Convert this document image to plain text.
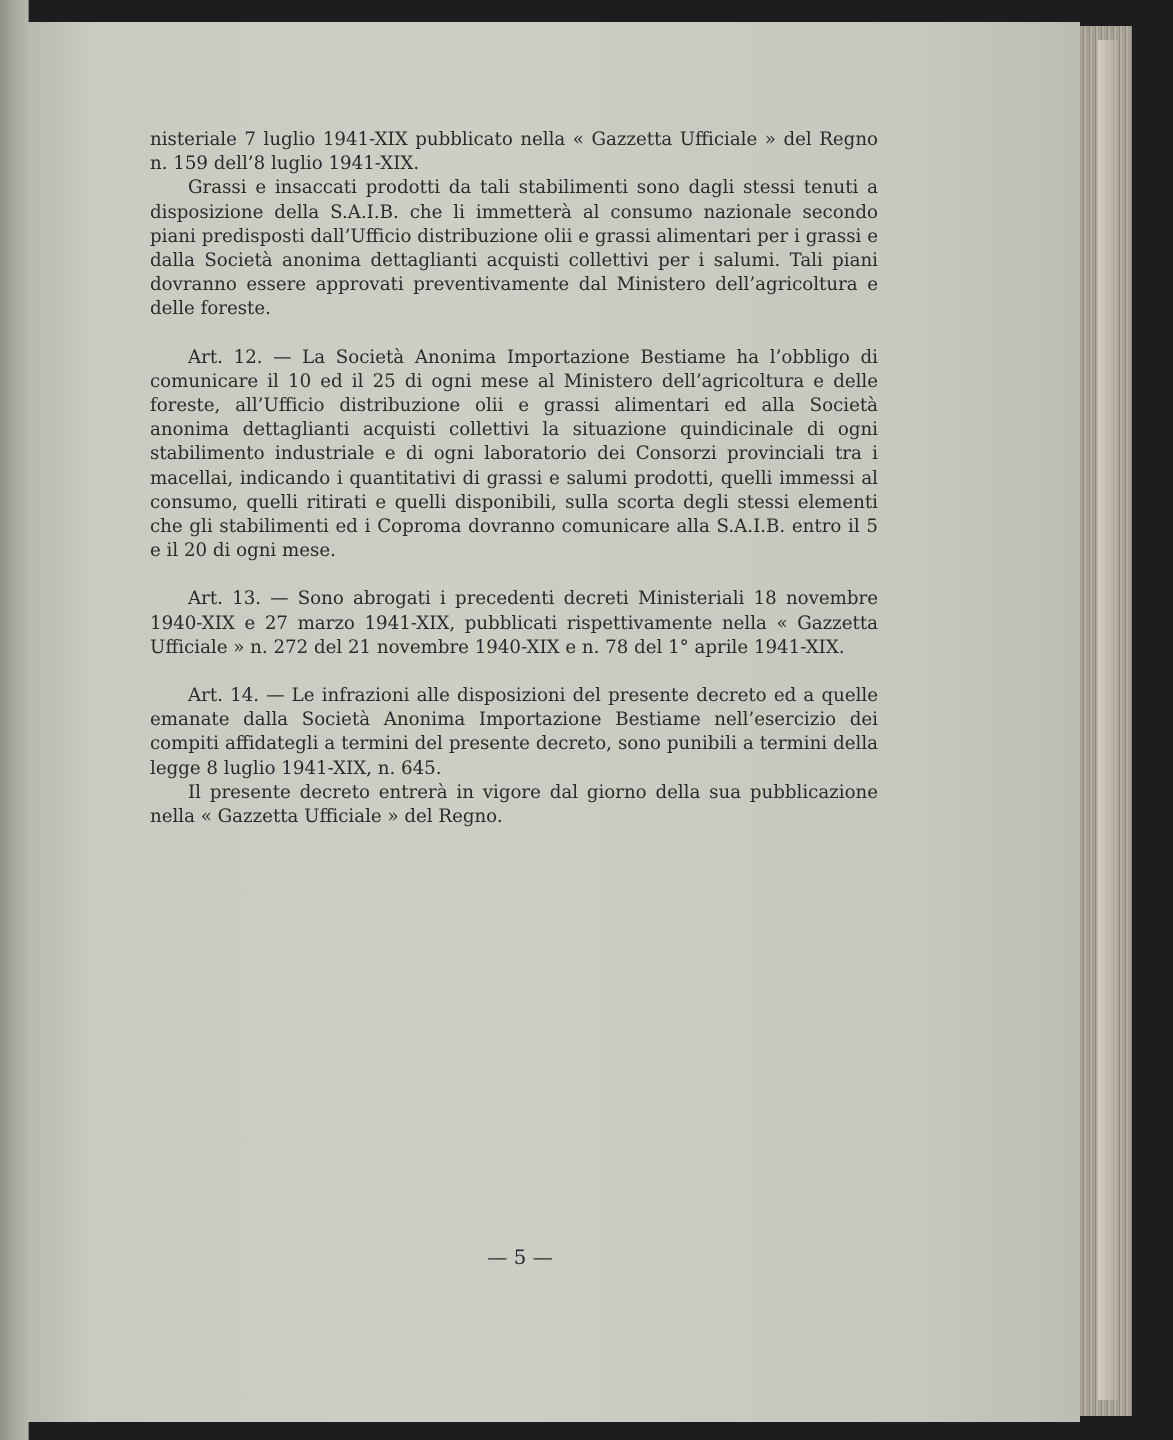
nisteriale 7 luglio 1941-XIX pubblicato nella « Gazzetta Ufficiale » del Regno n. 159 dell’8 luglio 1941-XIX.

Grassi e insaccati prodotti da tali stabilimenti sono dagli stessi tenuti a disposizione della S.A.I.B. che li immetterà al consumo nazionale secondo piani predisposti dall’Ufficio distribuzione olii e grassi alimentari per i grassi e dalla Società anonima dettaglianti acquisti collettivi per i salumi. Tali piani dovranno essere approvati preventivamente dal Ministero dell’agricoltura e delle foreste.

Art. 12. — La Società Anonima Importazione Bestiame ha l’obbligo di comunicare il 10 ed il 25 di ogni mese al Ministero dell’agricoltura e delle foreste, all’Ufficio distribuzione olii e grassi alimentari ed alla Società anonima dettaglianti acquisti collettivi la situazione quindicinale di ogni stabilimento industriale e di ogni laboratorio dei Consorzi provinciali tra i macellai, indicando i quantitativi di grassi e salumi prodotti, quelli immessi al consumo, quelli ritirati e quelli disponibili, sulla scorta degli stessi elementi che gli stabilimenti ed i Coproma dovranno comunicare alla S.A.I.B. entro il 5 e il 20 di ogni mese.

Art. 13. — Sono abrogati i precedenti decreti Ministeriali 18 novembre 1940-XIX e 27 marzo 1941-XIX, pubblicati rispettivamente nella « Gazzetta Ufficiale » n. 272 del 21 novembre 1940-XIX e n. 78 del 1° aprile 1941-XIX.

Art. 14. — Le infrazioni alle disposizioni del presente decreto ed a quelle emanate dalla Società Anonima Importazione Bestiame nell’esercizio dei compiti affidategli a termini del presente decreto, sono punibili a termini della legge 8 luglio 1941-XIX, n. 645.

Il presente decreto entrerà in vigore dal giorno della sua pubblicazione nella « Gazzetta Ufficiale » del Regno.

— 5 —
